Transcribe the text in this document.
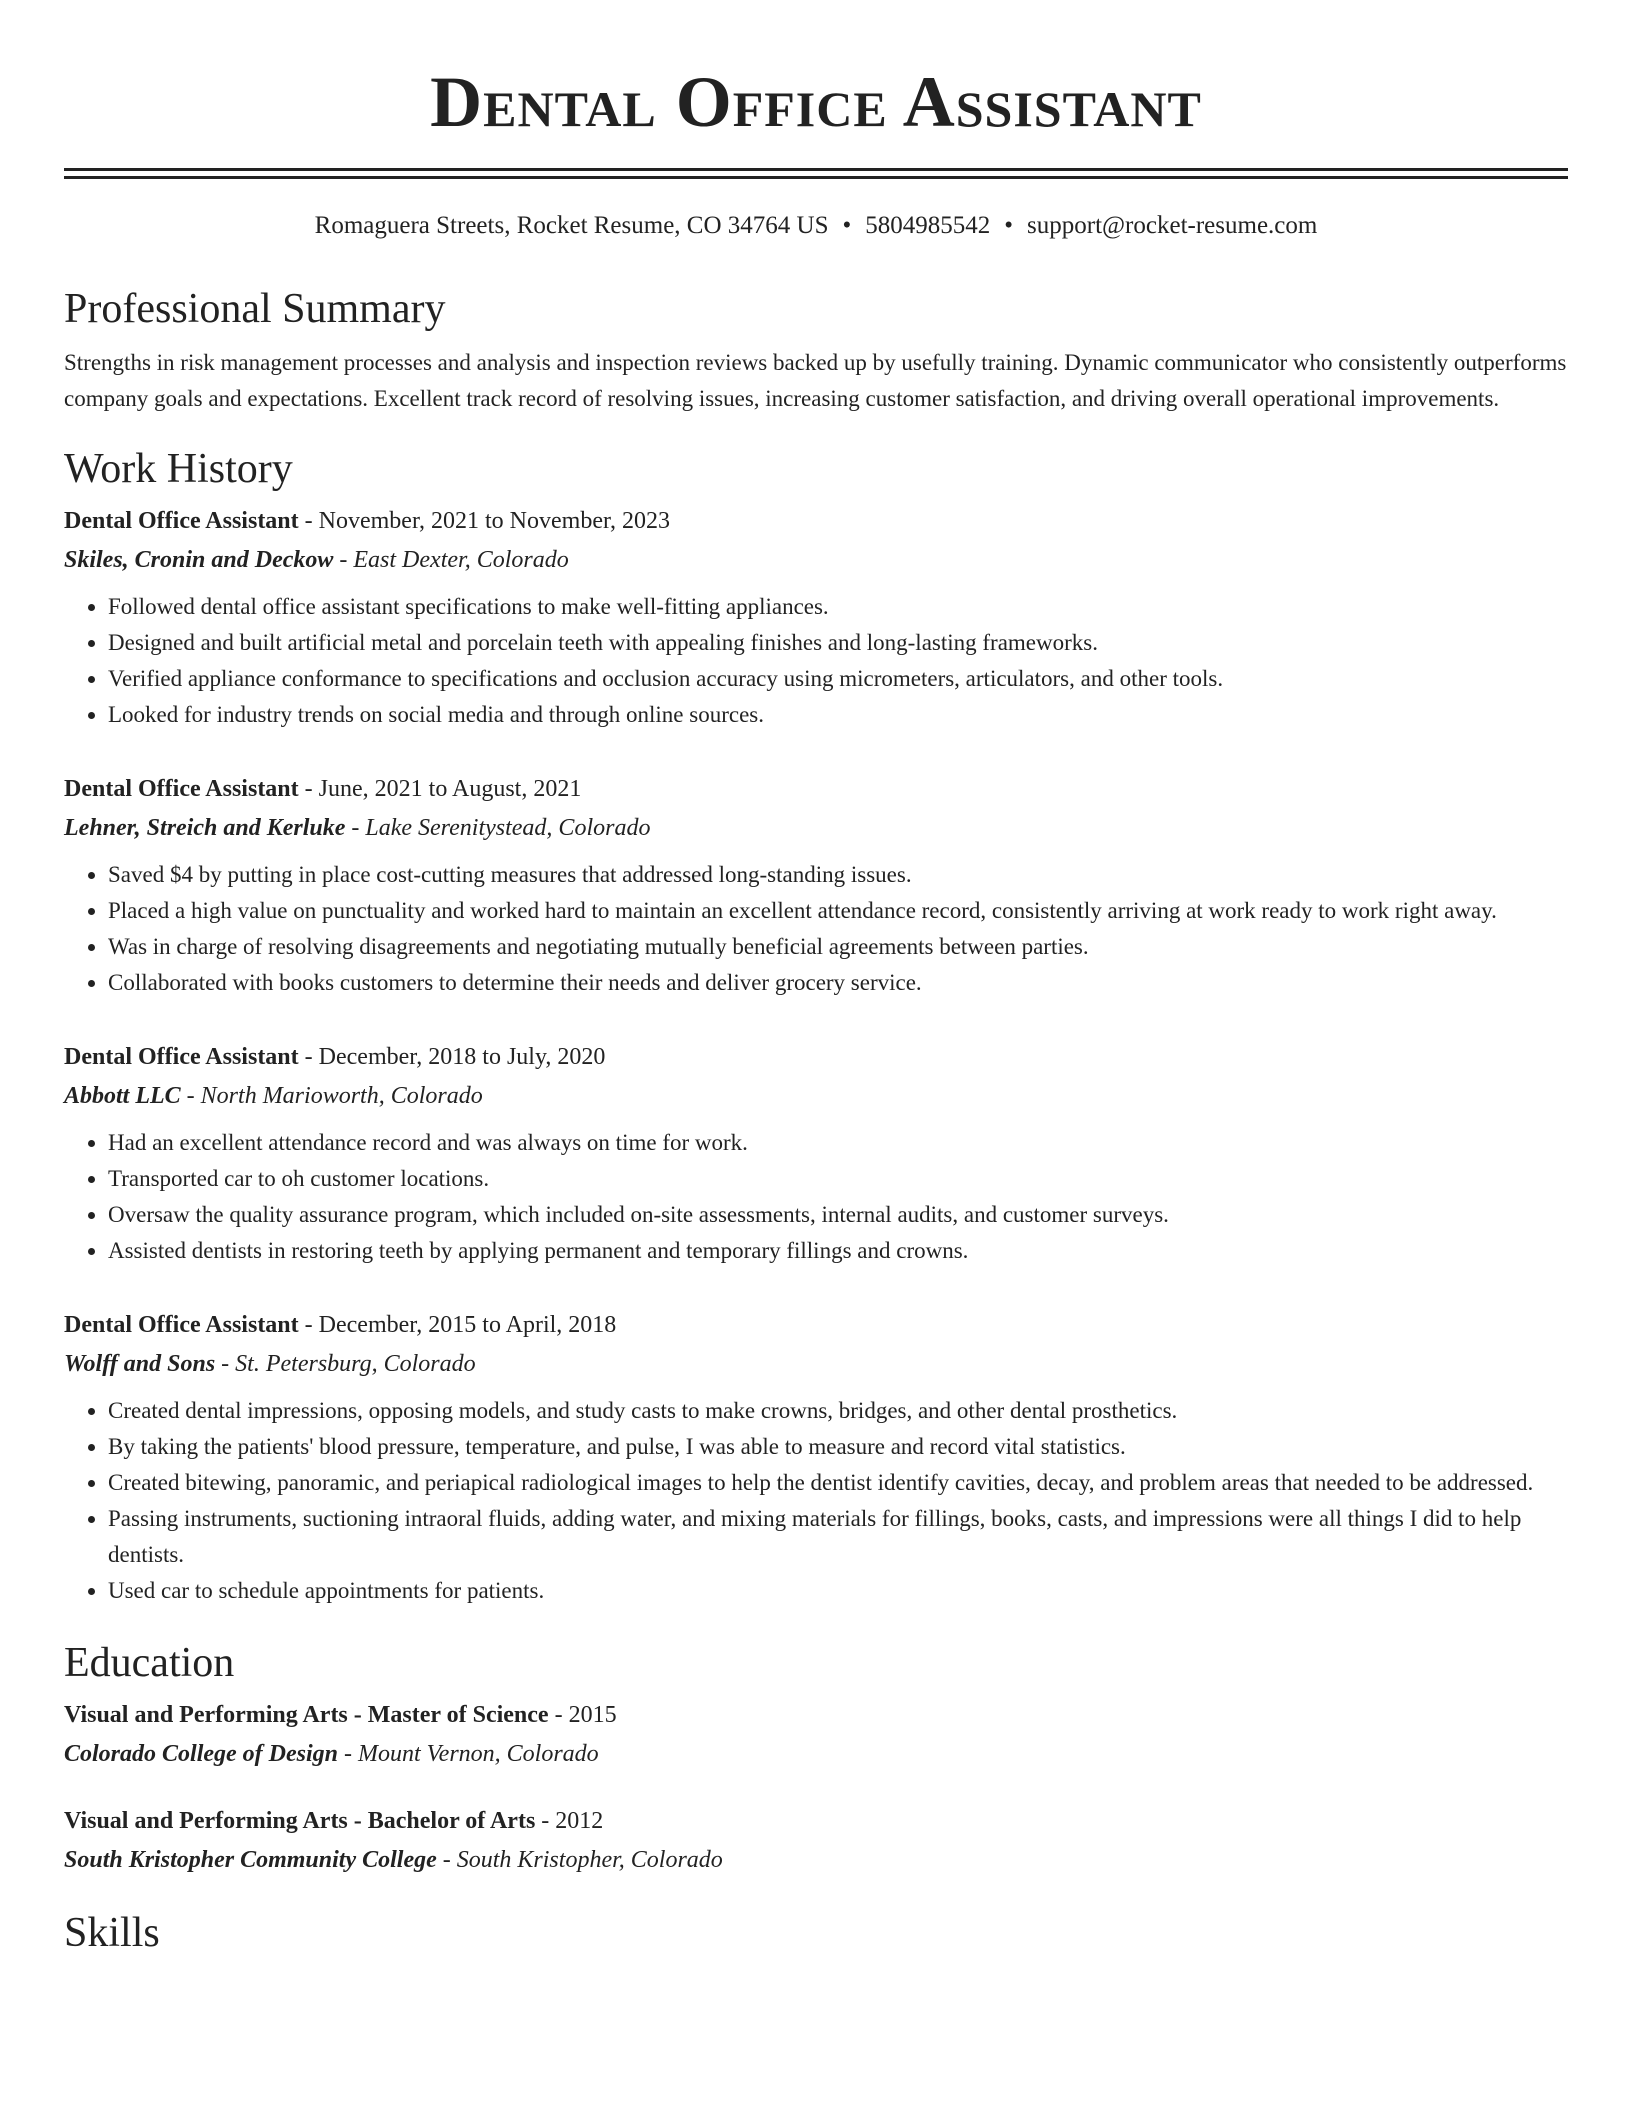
Dental Office Assistant
Romaguera Streets, Rocket Resume, CO 34764 US • 5804985542 • support@rocket-resume.com
Professional Summary

Strengths in risk management processes and analysis and inspection reviews backed up by usefully training. Dynamic communicator who consistently outperforms company goals and expectations. Excellent track record of resolving issues, increasing customer satisfaction, and driving overall operational improvements.

Work History
Dental Office Assistant - November, 2021 to November, 2023
Skiles, Cronin and Deckow - East Dexter, Colorado
• Followed dental office assistant specifications to make well-fitting appliances.
• Designed and built artificial metal and porcelain teeth with appealing finishes and long-lasting frameworks.
• Verified appliance conformance to specifications and occlusion accuracy using micrometers, articulators, and other tools.
• Looked for industry trends on social media and through online sources.
Dental Office Assistant - June, 2021 to August, 2021
Lehner, Streich and Kerluke - Lake Serenitystead, Colorado
• Saved $4 by putting in place cost-cutting measures that addressed long-standing issues.
• Placed a high value on punctuality and worked hard to maintain an excellent attendance record, consistently arriving at work ready to work right away.
• Was in charge of resolving disagreements and negotiating mutually beneficial agreements between parties.
• Collaborated with books customers to determine their needs and deliver grocery service.
Dental Office Assistant - December, 2018 to July, 2020
Abbott LLC - North Marioworth, Colorado
• Had an excellent attendance record and was always on time for work.
• Transported car to oh customer locations.
• Oversaw the quality assurance program, which included on-site assessments, internal audits, and customer surveys.
• Assisted dentists in restoring teeth by applying permanent and temporary fillings and crowns.
Dental Office Assistant - December, 2015 to April, 2018
Wolff and Sons - St. Petersburg, Colorado
• Created dental impressions, opposing models, and study casts to make crowns, bridges, and other dental prosthetics.
• By taking the patients' blood pressure, temperature, and pulse, I was able to measure and record vital statistics.
• Created bitewing, panoramic, and periapical radiological images to help the dentist identify cavities, decay, and problem areas that needed to be addressed.
• Passing instruments, suctioning intraoral fluids, adding water, and mixing materials for fillings, books, casts, and impressions were all things I did to help dentists.
• Used car to schedule appointments for patients.
Education
Visual and Performing Arts - Master of Science - 2015
Colorado College of Design - Mount Vernon, Colorado
Visual and Performing Arts - Bachelor of Arts - 2012
South Kristopher Community College - South Kristopher, Colorado
Skills
